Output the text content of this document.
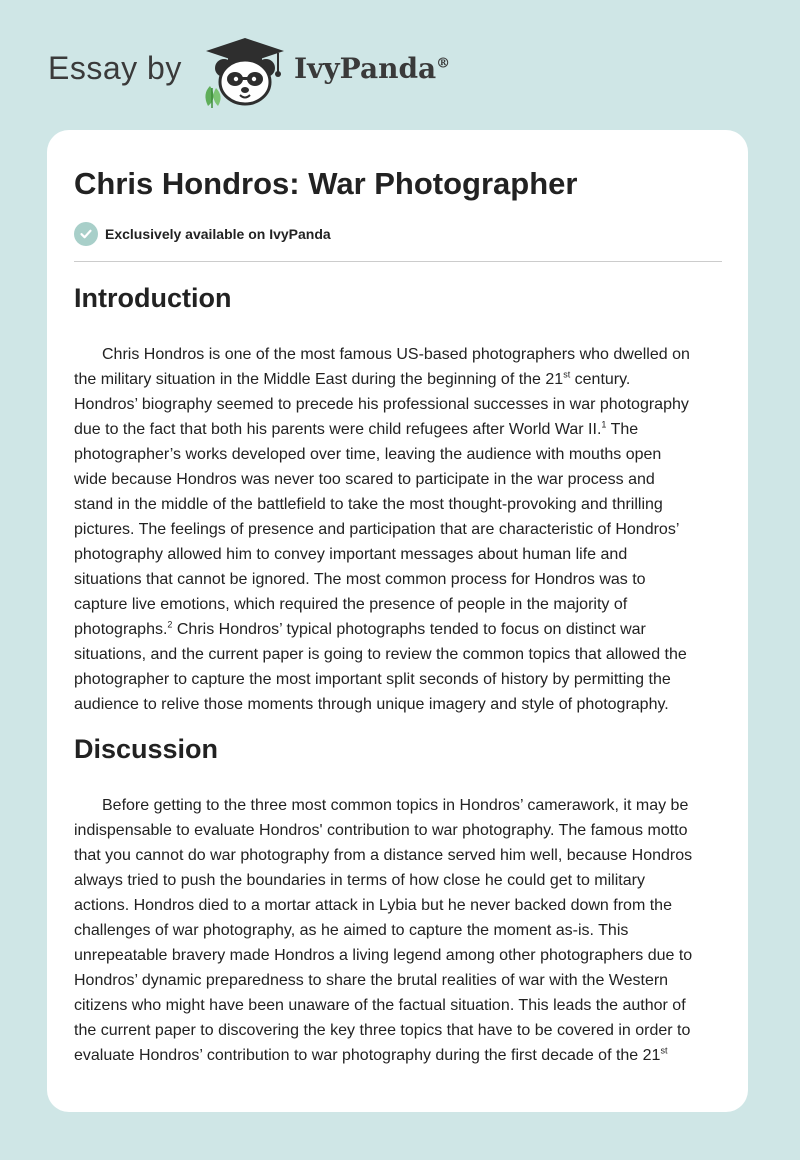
Essay by	IvyPanda®
Chris Hondros: War Photographer
Exclusively available on IvyPanda
Introduction

Chris Hondros is one of the most famous US-based photographers who dwelled on
the military situation in the Middle East during the beginning of the 21st century.
Hondros’ biography seemed to precede his professional successes in war photography
due to the fact that both his parents were child refugees after World War II.$^1$ The
photographer’s works developed over time, leaving the audience with mouths open
wide because Hondros was never too scared to participate in the war process and
stand in the middle of the battlefield to take the most thought-provoking and thrilling
pictures. The feelings of presence and participation that are characteristic of Hondros’
photography allowed him to convey important messages about human life and
situations that cannot be ignored. The most common process for Hondros was to
capture live emotions, which required the presence of people in the majority of
photographs.$^2$ Chris Hondros’ typical photographs tended to focus on distinct war
situations, and the current paper is going to review the common topics that allowed the
photographer to capture the most important split seconds of history by permitting the
audience to relive those moments through unique imagery and style of photography.

Discussion

Before getting to the three most common topics in Hondros’ camerawork, it may be
indispensable to evaluate Hondros' contribution to war photography. The famous motto
that you cannot do war photography from a distance served him well, because Hondros
always tried to push the boundaries in terms of how close he could get to military
actions. Hondros died to a mortar attack in Lybia but he never backed down from the
challenges of war photography, as he aimed to capture the moment as-is. This
unrepeatable bravery made Hondros a living legend among other photographers due to
Hondros’ dynamic preparedness to share the brutal realities of war with the Western
citizens who might have been unaware of the factual situation. This leads the author of
the current paper to discovering the key three topics that have to be covered in order to
evaluate Hondros’ contribution to war photography during the first decade of the 21st
